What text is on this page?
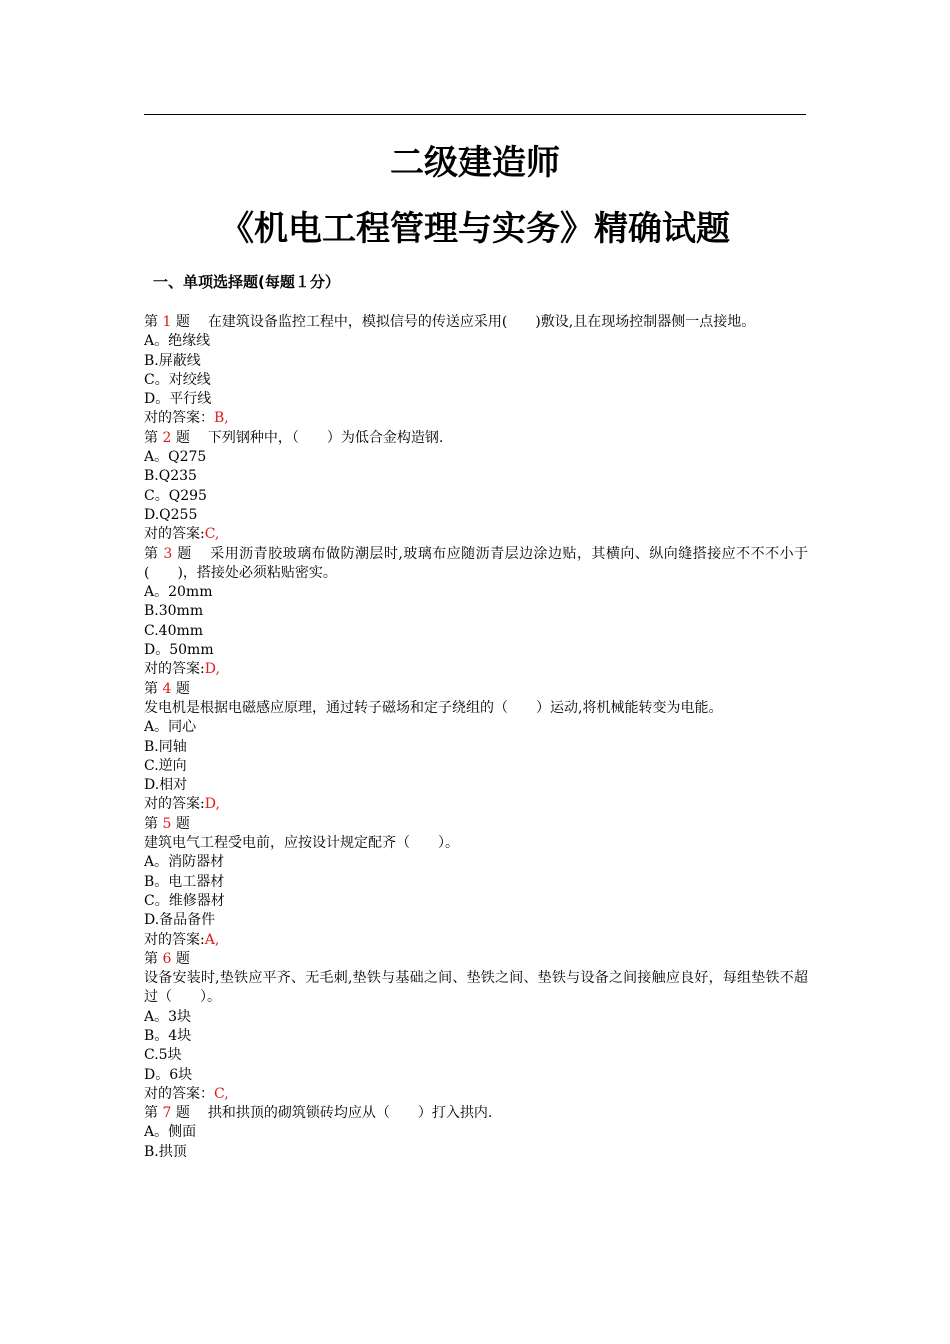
二级建造师
《机电工程管理与实务》精确试题
一、单项选择题(每题１分）
第 1 题 在建筑设备监控工程中，模拟信号的传送应采用(　　)敷设,且在现场控制器侧一点接地。
A。绝缘线
B.屏蔽线
C。对绞线
D。平行线
对的答案：B,
第 2 题 下列钢种中，（　　）为低合金构造钢.
A。Q275
B.Q235
C。Q295
D.Q255
对的答案:C,
第 3 题 采用沥青胶玻璃布做防潮层时,玻璃布应随沥青层边涂边贴，其横向、纵向缝搭接应不不不小于(　　)，搭接处必须粘贴密实。
A。20mm
B.30mm
C.40mm
D。50mm
对的答案:D,
第 4 题
发电机是根据电磁感应原理，通过转子磁场和定子绕组的（　　）运动,将机械能转变为电能。
A。同心
B.同轴
C.逆向
D.相对
对的答案:D,
第 5 题
建筑电气工程受电前，应按设计规定配齐（　　）。
A。消防器材
B。电工器材
C。维修器材
D.备品备件
对的答案:A,
第 6 题
设备安装时,垫铁应平齐、无毛刺,垫铁与基础之间、垫铁之间、垫铁与设备之间接触应良好，每组垫铁不超过（　　）。
A。3块
B。4块
C.5块
D。6块
对的答案：C,
第 7 题 拱和拱顶的砌筑锁砖均应从（　　）打入拱内.
A。侧面
B.拱顶
